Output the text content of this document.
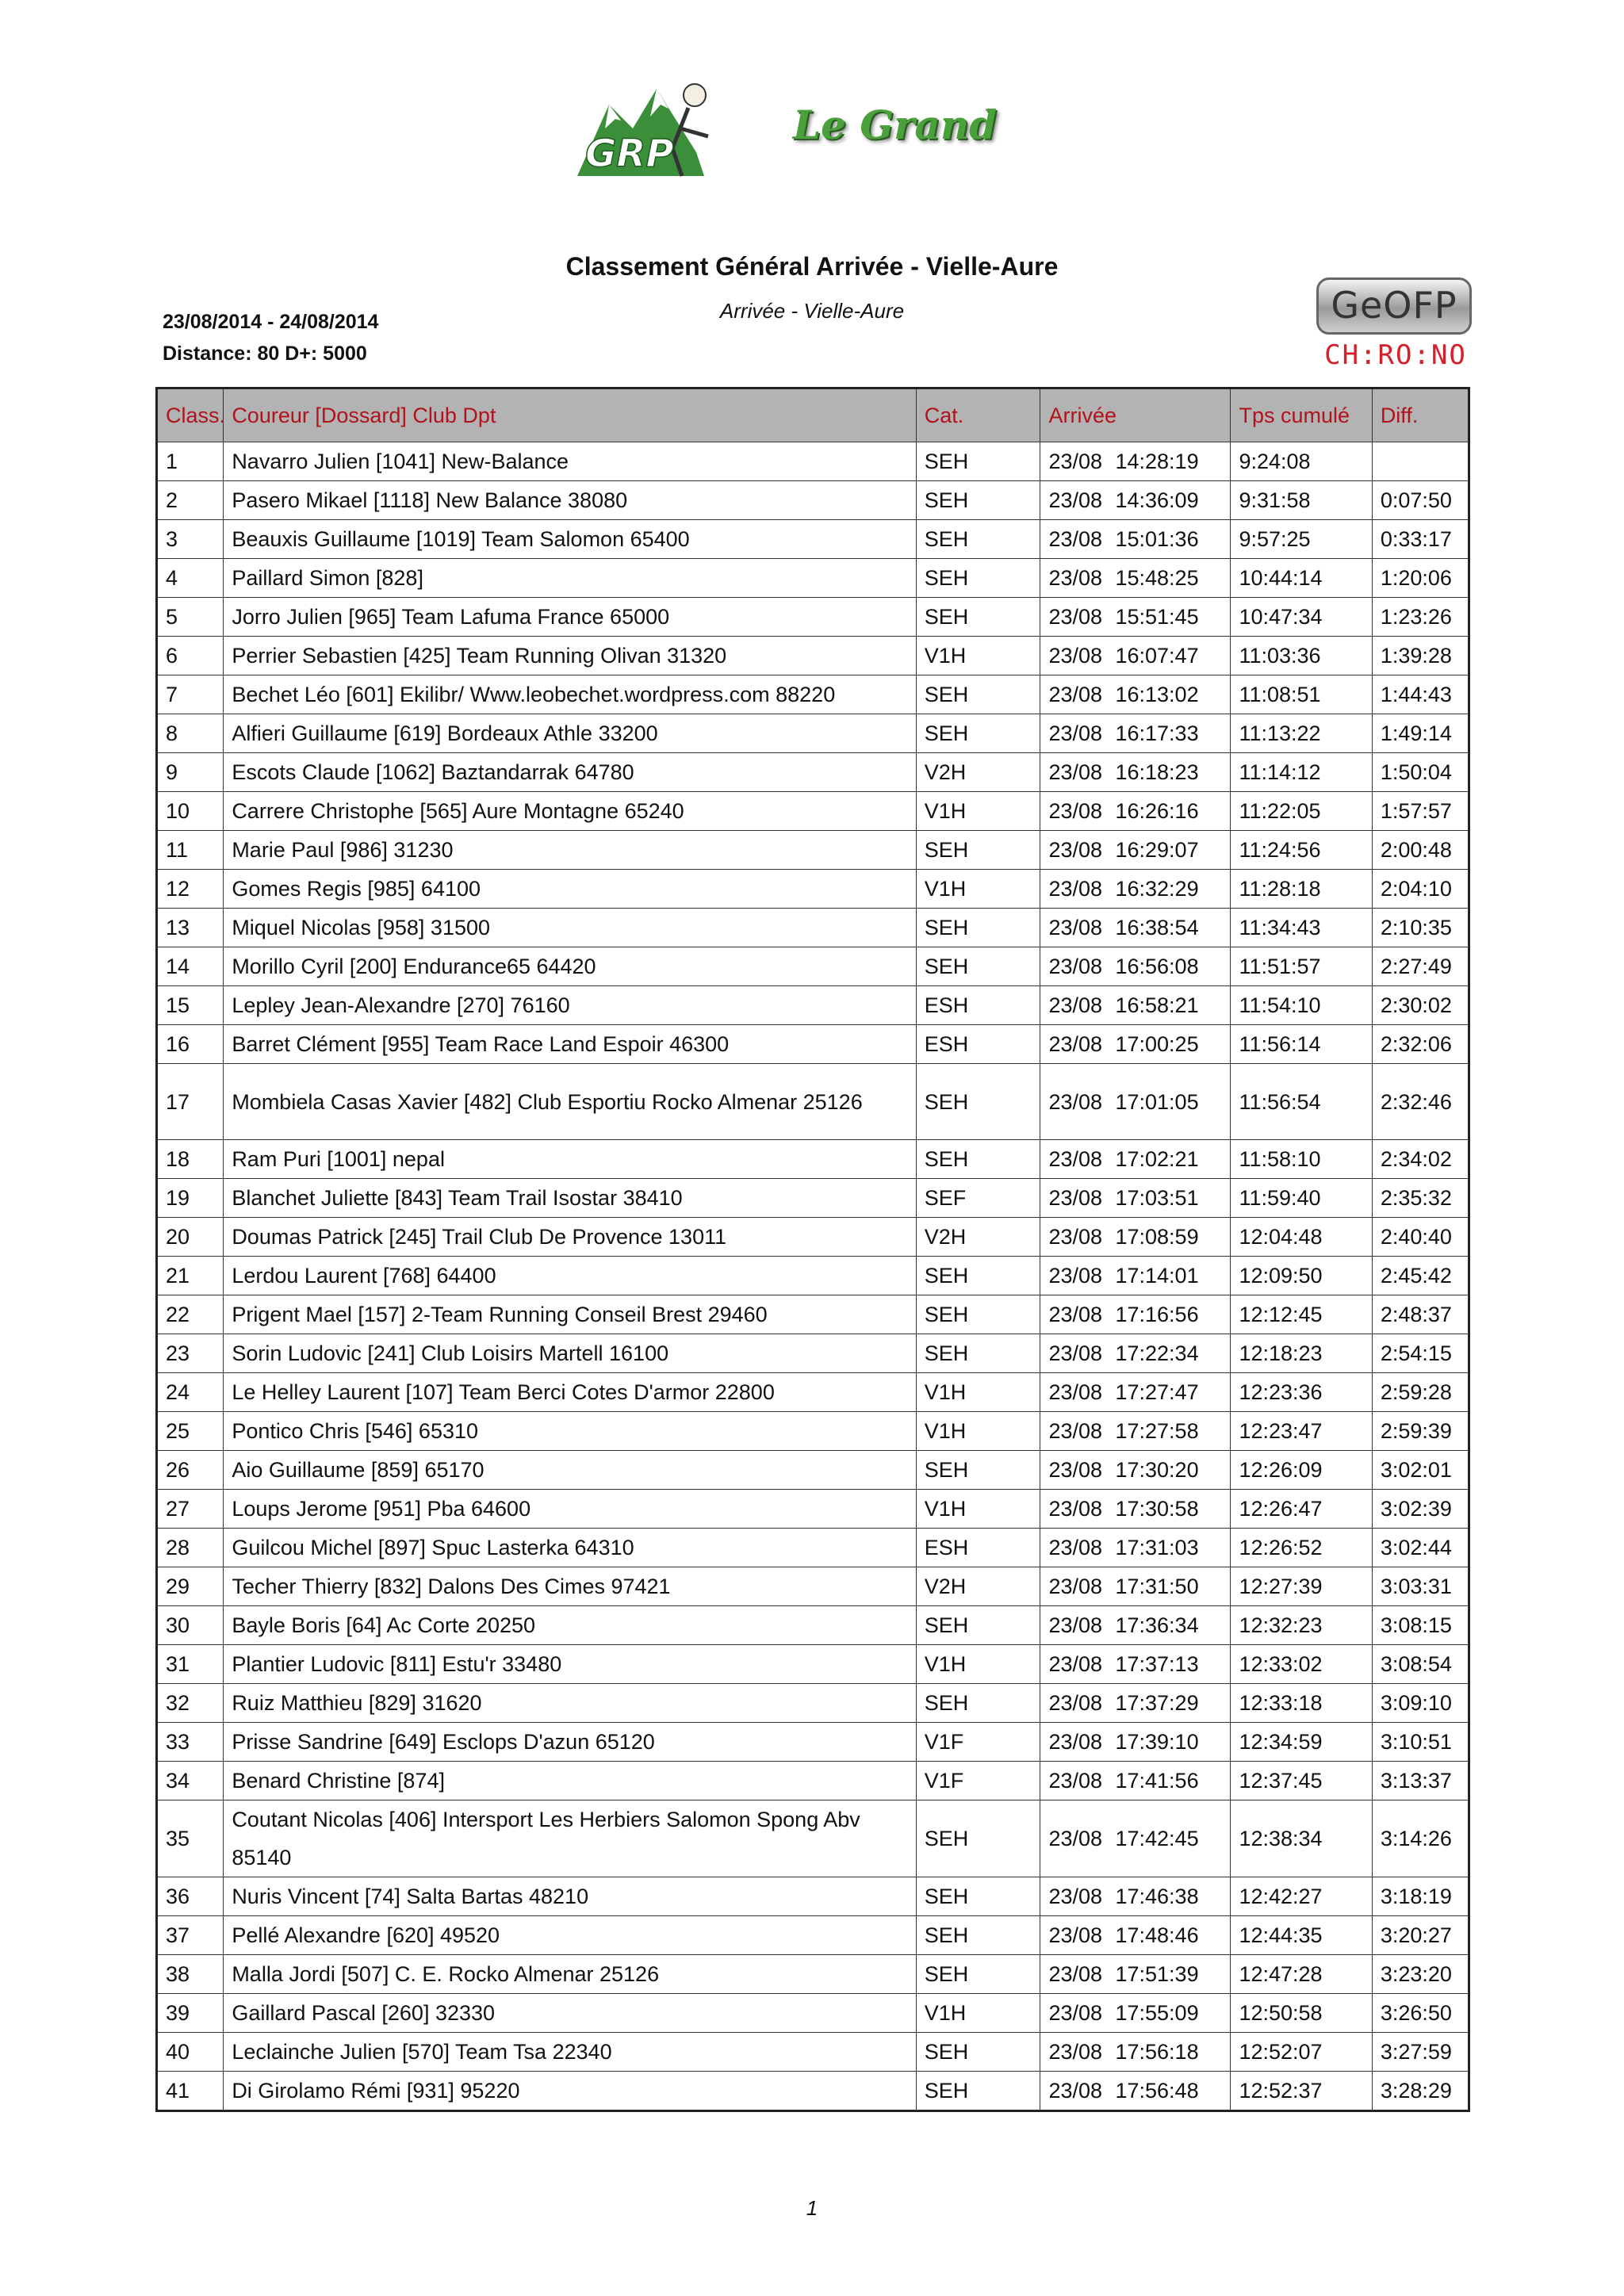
GRP
Le Grand
Classement Général Arrivée - Vielle-Aure
Arrivée - Vielle-Aure
23/08/2014 - 24/08/2014
Distance: 80 D+: 5000
GeOFP
CH:RO:NO
Class.	Coureur [Dossard] Club Dpt	Cat.	Arrivée	Tps cumulé	Diff.
1	Navarro Julien [1041] New-Balance	SEH	23/08 14:28:19	9:24:08	
2	Pasero Mikael [1118] New Balance 38080	SEH	23/08 14:36:09	9:31:58	0:07:50
3	Beauxis Guillaume [1019] Team Salomon 65400	SEH	23/08 15:01:36	9:57:25	0:33:17
4	Paillard Simon [828]	SEH	23/08 15:48:25	10:44:14	1:20:06
5	Jorro Julien [965] Team Lafuma France 65000	SEH	23/08 15:51:45	10:47:34	1:23:26
6	Perrier Sebastien [425] Team Running Olivan 31320	V1H	23/08 16:07:47	11:03:36	1:39:28
7	Bechet Léo [601] Ekilibr/ Www.leobechet.wordpress.com 88220	SEH	23/08 16:13:02	11:08:51	1:44:43
8	Alfieri Guillaume [619] Bordeaux Athle 33200	SEH	23/08 16:17:33	11:13:22	1:49:14
9	Escots Claude [1062] Baztandarrak 64780	V2H	23/08 16:18:23	11:14:12	1:50:04
10	Carrere Christophe [565] Aure Montagne 65240	V1H	23/08 16:26:16	11:22:05	1:57:57
11	Marie Paul [986] 31230	SEH	23/08 16:29:07	11:24:56	2:00:48
12	Gomes Regis [985] 64100	V1H	23/08 16:32:29	11:28:18	2:04:10
13	Miquel Nicolas [958] 31500	SEH	23/08 16:38:54	11:34:43	2:10:35
14	Morillo Cyril [200] Endurance65 64420	SEH	23/08 16:56:08	11:51:57	2:27:49
15	Lepley Jean-Alexandre [270] 76160	ESH	23/08 16:58:21	11:54:10	2:30:02
16	Barret Clément [955] Team Race Land Espoir 46300	ESH	23/08 17:00:25	11:56:14	2:32:06
17	Mombiela Casas Xavier [482] Club Esportiu Rocko Almenar 25126	SEH	23/08 17:01:05	11:56:54	2:32:46
18	Ram Puri [1001] nepal	SEH	23/08 17:02:21	11:58:10	2:34:02
19	Blanchet Juliette [843] Team Trail Isostar 38410	SEF	23/08 17:03:51	11:59:40	2:35:32
20	Doumas Patrick [245] Trail Club De Provence 13011	V2H	23/08 17:08:59	12:04:48	2:40:40
21	Lerdou Laurent [768] 64400	SEH	23/08 17:14:01	12:09:50	2:45:42
22	Prigent Mael [157] 2-Team Running Conseil Brest 29460	SEH	23/08 17:16:56	12:12:45	2:48:37
23	Sorin Ludovic [241] Club Loisirs Martell 16100	SEH	23/08 17:22:34	12:18:23	2:54:15
24	Le Helley Laurent [107] Team Berci Cotes D'armor 22800	V1H	23/08 17:27:47	12:23:36	2:59:28
25	Pontico Chris [546] 65310	V1H	23/08 17:27:58	12:23:47	2:59:39
26	Aio Guillaume [859] 65170	SEH	23/08 17:30:20	12:26:09	3:02:01
27	Loups Jerome [951] Pba 64600	V1H	23/08 17:30:58	12:26:47	3:02:39
28	Guilcou Michel [897] Spuc Lasterka 64310	ESH	23/08 17:31:03	12:26:52	3:02:44
29	Techer Thierry [832] Dalons Des Cimes 97421	V2H	23/08 17:31:50	12:27:39	3:03:31
30	Bayle Boris [64] Ac Corte 20250	SEH	23/08 17:36:34	12:32:23	3:08:15
31	Plantier Ludovic [811] Estu'r 33480	V1H	23/08 17:37:13	12:33:02	3:08:54
32	Ruiz Matthieu [829] 31620	SEH	23/08 17:37:29	12:33:18	3:09:10
33	Prisse Sandrine [649] Esclops D'azun 65120	V1F	23/08 17:39:10	12:34:59	3:10:51
34	Benard Christine [874]	V1F	23/08 17:41:56	12:37:45	3:13:37
35	Coutant Nicolas [406] Intersport Les Herbiers Salomon Spong Abv 85140	SEH	23/08 17:42:45	12:38:34	3:14:26
36	Nuris Vincent [74] Salta Bartas 48210	SEH	23/08 17:46:38	12:42:27	3:18:19
37	Pellé Alexandre [620] 49520	SEH	23/08 17:48:46	12:44:35	3:20:27
38	Malla Jordi [507] C. E. Rocko Almenar 25126	SEH	23/08 17:51:39	12:47:28	3:23:20
39	Gaillard Pascal [260] 32330	V1H	23/08 17:55:09	12:50:58	3:26:50
40	Leclainche Julien [570] Team Tsa 22340	SEH	23/08 17:56:18	12:52:07	3:27:59
41	Di Girolamo Rémi [931] 95220	SEH	23/08 17:56:48	12:52:37	3:28:29
1
